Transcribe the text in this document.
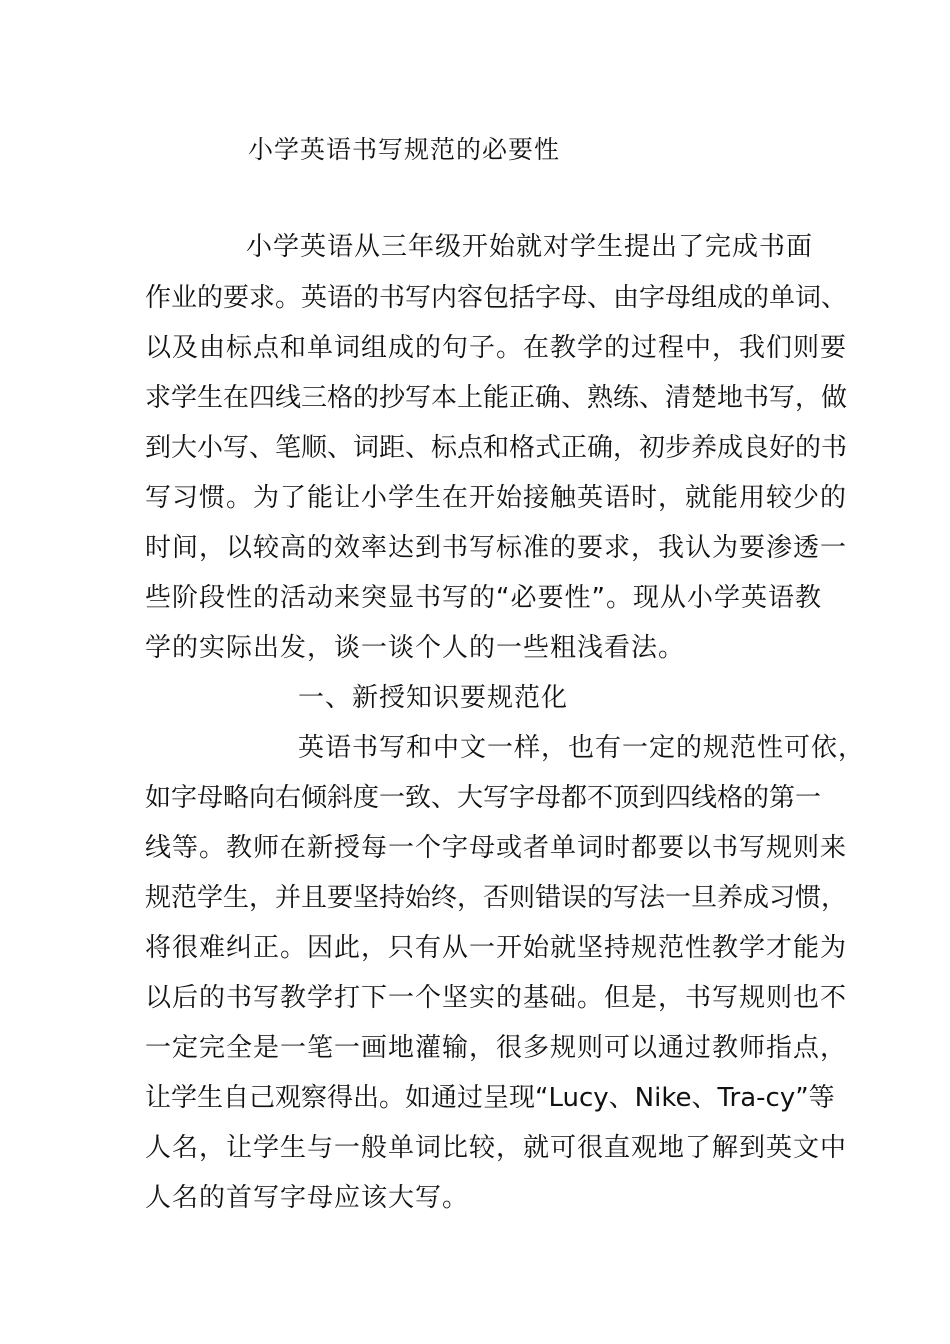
小学英语书写规范的必要性
小学英语从三年级开始就对学生提出了完成书面
作业的要求。英语的书写内容包括字母、由字母组成的单词、
以及由标点和单词组成的句子。在教学的过程中，我们则要
求学生在四线三格的抄写本上能正确、熟练、清楚地书写，做
到大小写、笔顺、词距、标点和格式正确，初步养成良好的书
写习惯。为了能让小学生在开始接触英语时，就能用较少的
时间，以较高的效率达到书写标准的要求，我认为要渗透一
些阶段性的活动来突显书写的“必要性”。现从小学英语教
学的实际出发，谈一谈个人的一些粗浅看法。
一、新授知识要规范化
英语书写和中文一样，也有一定的规范性可依，
如字母略向右倾斜度一致、大写字母都不顶到四线格的第一
线等。教师在新授每一个字母或者单词时都要以书写规则来
规范学生，并且要坚持始终，否则错误的写法一旦养成习惯，
将很难纠正。因此，只有从一开始就坚持规范性教学才能为
以后的书写教学打下一个坚实的基础。但是，书写规则也不
一定完全是一笔一画地灌输，很多规则可以通过教师指点，
让学生自己观察得出。如通过呈现“Lucy、Nike、Tra-cy”等
人名，让学生与一般单词比较，就可很直观地了解到英文中
人名的首写字母应该大写。
